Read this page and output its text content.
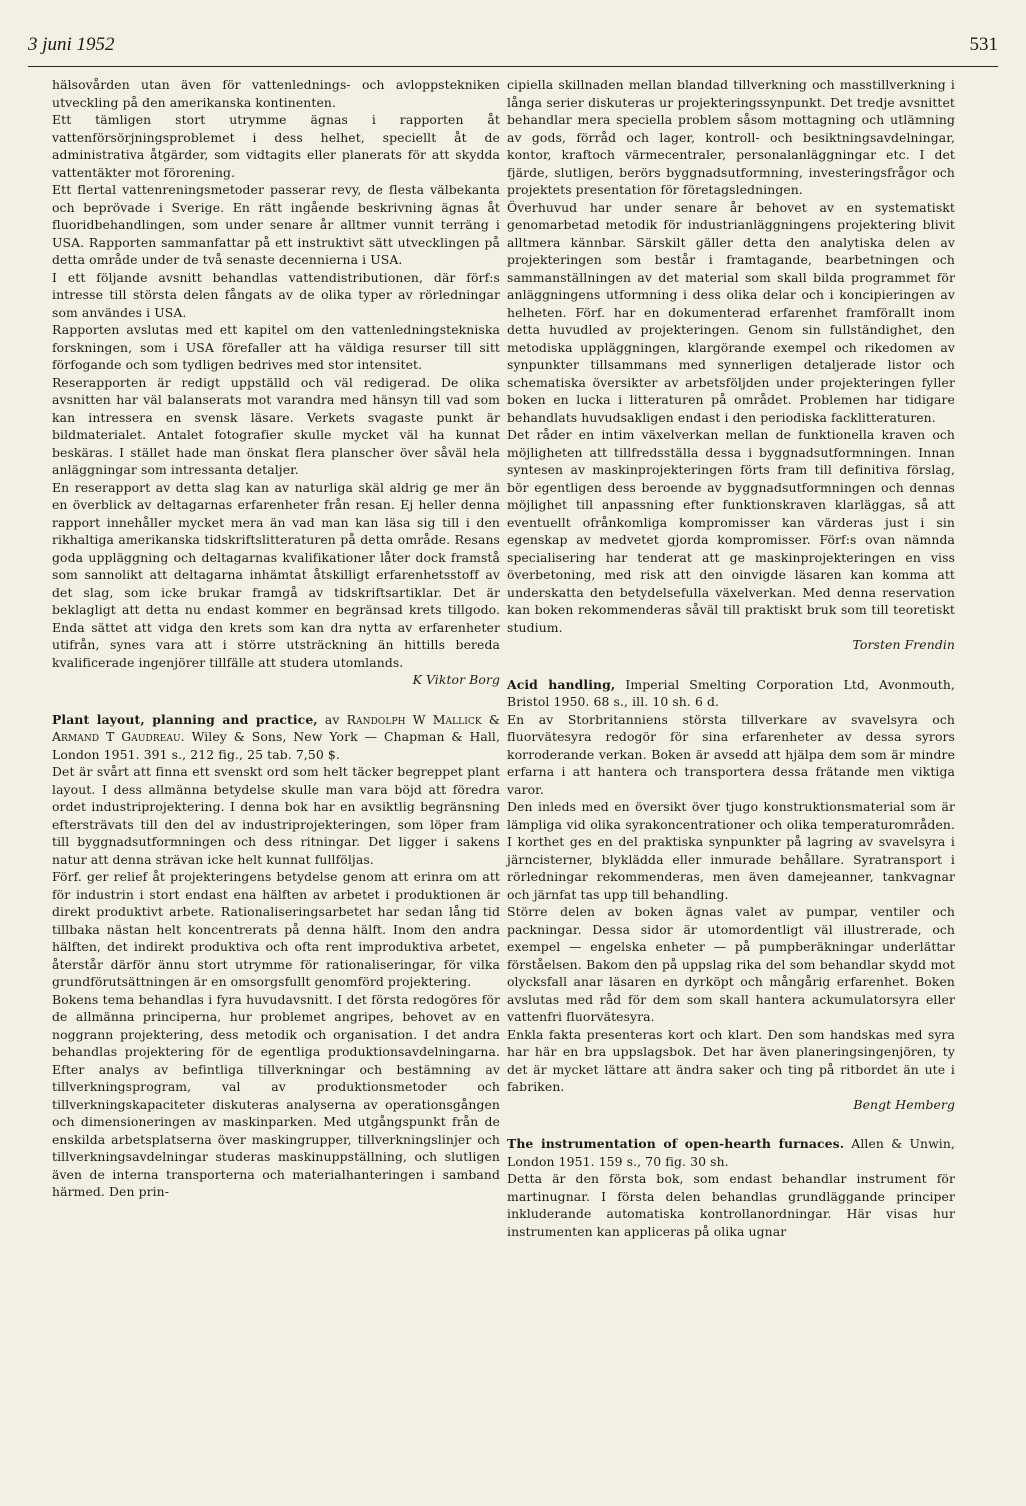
3 juni 1952	531

hälsovården utan även för vattenlednings- och avloppstekniken utveckling på den amerikanska kontinenten.

Ett tämligen stort utrymme ägnas i rapporten åt vattenförsörjningsproblemet i dess helhet, speciellt åt de administrativa åtgärder, som vidtagits eller planerats för att skydda vattentäkter mot förorening.

Ett flertal vattenreningsmetoder passerar revy, de flesta välbekanta och beprövade i Sverige. En rätt ingående beskrivning ägnas åt fluoridbehandlingen, som under senare år alltmer vunnit terräng i USA. Rapporten sammanfattar på ett instruktivt sätt utvecklingen på detta område under de två senaste decennierna i USA.

I ett följande avsnitt behandlas vattendistributionen, där förf:s intresse till största delen fångats av de olika typer av rörledningar som användes i USA.

Rapporten avslutas med ett kapitel om den vattenledningstekniska forskningen, som i USA förefaller att ha väldiga resurser till sitt förfogande och som tydligen bedrives med stor intensitet.

Reserapporten är redigt uppställd och väl redigerad. De olika avsnitten har väl balanserats mot varandra med hänsyn till vad som kan intressera en svensk läsare. Verkets svagaste punkt är bildmaterialet. Antalet fotografier skulle mycket väl ha kunnat beskäras. I stället hade man önskat flera planscher över såväl hela anläggningar som intressanta detaljer.

En reserapport av detta slag kan av naturliga skäl aldrig ge mer än en överblick av deltagarnas erfarenheter från resan. Ej heller denna rapport innehåller mycket mera än vad man kan läsa sig till i den rikhaltiga amerikanska tidskriftslitteraturen på detta område. Resans goda uppläggning och deltagarnas kvalifikationer låter dock framstå som sannolikt att deltagarna inhämtat åtskilligt erfarenhetsstoff av det slag, som icke brukar framgå av tidskriftsartiklar. Det är beklagligt att detta nu endast kommer en begränsad krets tillgodo. Enda sättet att vidga den krets som kan dra nytta av erfarenheter utifrån, synes vara att i större utsträckning än hittills bereda kvalificerade ingenjörer tillfälle att studera utomlands.

K Viktor Borg

Plant layout, planning and practice, av Randolph W Mallick & Armand T Gaudreau. Wiley & Sons, New York — Chapman & Hall, London 1951. 391 s., 212 fig., 25 tab. 7,50 $.

Det är svårt att finna ett svenskt ord som helt täcker begreppet plant layout. I dess allmänna betydelse skulle man vara böjd att föredra ordet industriprojektering. I denna bok har en avsiktlig begränsning eftersträvats till den del av industriprojekteringen, som löper fram till byggnadsutformningen och dess ritningar. Det ligger i sakens natur att denna strävan icke helt kunnat fullföljas.

Förf. ger relief åt projekteringens betydelse genom att erinra om att för industrin i stort endast ena hälften av arbetet i produktionen är direkt produktivt arbete. Rationaliseringsarbetet har sedan lång tid tillbaka nästan helt koncentrerats på denna hälft. Inom den andra hälften, det indirekt produktiva och ofta rent improduktiva arbetet, återstår därför ännu stort utrymme för rationaliseringar, för vilka grundförutsättningen är en omsorgsfullt genomförd projektering.

Bokens tema behandlas i fyra huvudavsnitt. I det första redogöres för de allmänna principerna, hur problemet angripes, behovet av en noggrann projektering, dess metodik och organisation. I det andra behandlas projektering för de egentliga produktionsavdelningarna. Efter analys av befintliga tillverkningar och bestämning av tillverkningsprogram, val av produktionsmetoder och tillverkningskapaciteter diskuteras analyserna av operationsgången och dimensioneringen av maskinparken. Med utgångspunkt från de enskilda arbetsplatserna över maskingrupper, tillverkningslinjer och tillverkningsavdelningar studeras maskinuppställning, och slutligen även de interna transporterna och materialhanteringen i samband härmed. Den prin-

cipiella skillnaden mellan blandad tillverkning och masstillverkning i långa serier diskuteras ur projekteringssynpunkt. Det tredje avsnittet behandlar mera speciella problem såsom mottagning och utlämning av gods, förråd och lager, kontroll- och besiktningsavdelningar, kontor, kraftoch värmecentraler, personalanläggningar etc. I det fjärde, slutligen, berörs byggnadsutformning, investeringsfrågor och projektets presentation för företagsledningen.

Överhuvud har under senare år behovet av en systematiskt genomarbetad metodik för industrianläggningens projektering blivit alltmera kännbar. Särskilt gäller detta den analytiska delen av projekteringen som består i framtagande, bearbetningen och sammanställningen av det material som skall bilda programmet för anläggningens utformning i dess olika delar och i koncipieringen av helheten. Förf. har en dokumenterad erfarenhet framförallt inom detta huvudled av projekteringen. Genom sin fullständighet, den metodiska uppläggningen, klargörande exempel och rikedomen av synpunkter tillsammans med synnerligen detaljerade listor och schematiska översikter av arbetsföljden under projekteringen fyller boken en lucka i litteraturen på området. Problemen har tidigare behandlats huvudsakligen endast i den periodiska facklitteraturen.

Det råder en intim växelverkan mellan de funktionella kraven och möjligheten att tillfredsställa dessa i byggnadsutformningen. Innan syntesen av maskinprojekteringen förts fram till definitiva förslag, bör egentligen dess beroende av byggnadsutformningen och dennas möjlighet till anpassning efter funktionskraven klarläggas, så att eventuellt ofrånkomliga kompromisser kan värderas just i sin egenskap av medvetet gjorda kompromisser. Förf:s ovan nämnda specialisering har tenderat att ge maskinprojekteringen en viss överbetoning, med risk att den oinvigde läsaren kan komma att underskatta den betydelsefulla växelverkan. Med denna reservation kan boken rekommenderas såväl till praktiskt bruk som till teoretiskt studium.

Torsten Frendin

Acid handling, Imperial Smelting Corporation Ltd, Avonmouth, Bristol 1950. 68 s., ill. 10 sh. 6 d.

En av Storbritanniens största tillverkare av svavelsyra och fluorvätesyra redogör för sina erfarenheter av dessa syrors korroderande verkan. Boken är avsedd att hjälpa dem som är mindre erfarna i att hantera och transportera dessa frätande men viktiga varor.

Den inleds med en översikt över tjugo konstruktionsmaterial som är lämpliga vid olika syrakoncentrationer och olika temperaturområden. I korthet ges en del praktiska synpunkter på lagring av svavelsyra i järncisterner, blyklädda eller inmurade behållare. Syratransport i rörledningar rekommenderas, men även damejeanner, tankvagnar och järnfat tas upp till behandling.

Större delen av boken ägnas valet av pumpar, ventiler och packningar. Dessa sidor är utomordentligt väl illustrerade, och exempel — engelska enheter — på pumpberäkningar underlättar förståelsen. Bakom den på uppslag rika del som behandlar skydd mot olycksfall anar läsaren en dyrköpt och mångårig erfarenhet. Boken avslutas med råd för dem som skall hantera ackumulatorsyra eller vattenfri fluorvätesyra.

Enkla fakta presenteras kort och klart. Den som handskas med syra har här en bra uppslagsbok. Det har även planeringsingenjören, ty det är mycket lättare att ändra saker och ting på ritbordet än ute i fabriken.

Bengt Hemberg

The instrumentation of open-hearth furnaces. Allen & Unwin, London 1951. 159 s., 70 fig. 30 sh.

Detta är den första bok, som endast behandlar instrument för martinugnar. I första delen behandlas grundläggande principer inkluderande automatiska kontrollanordningar. Här visas hur instrumenten kan appliceras på olika ugnar
